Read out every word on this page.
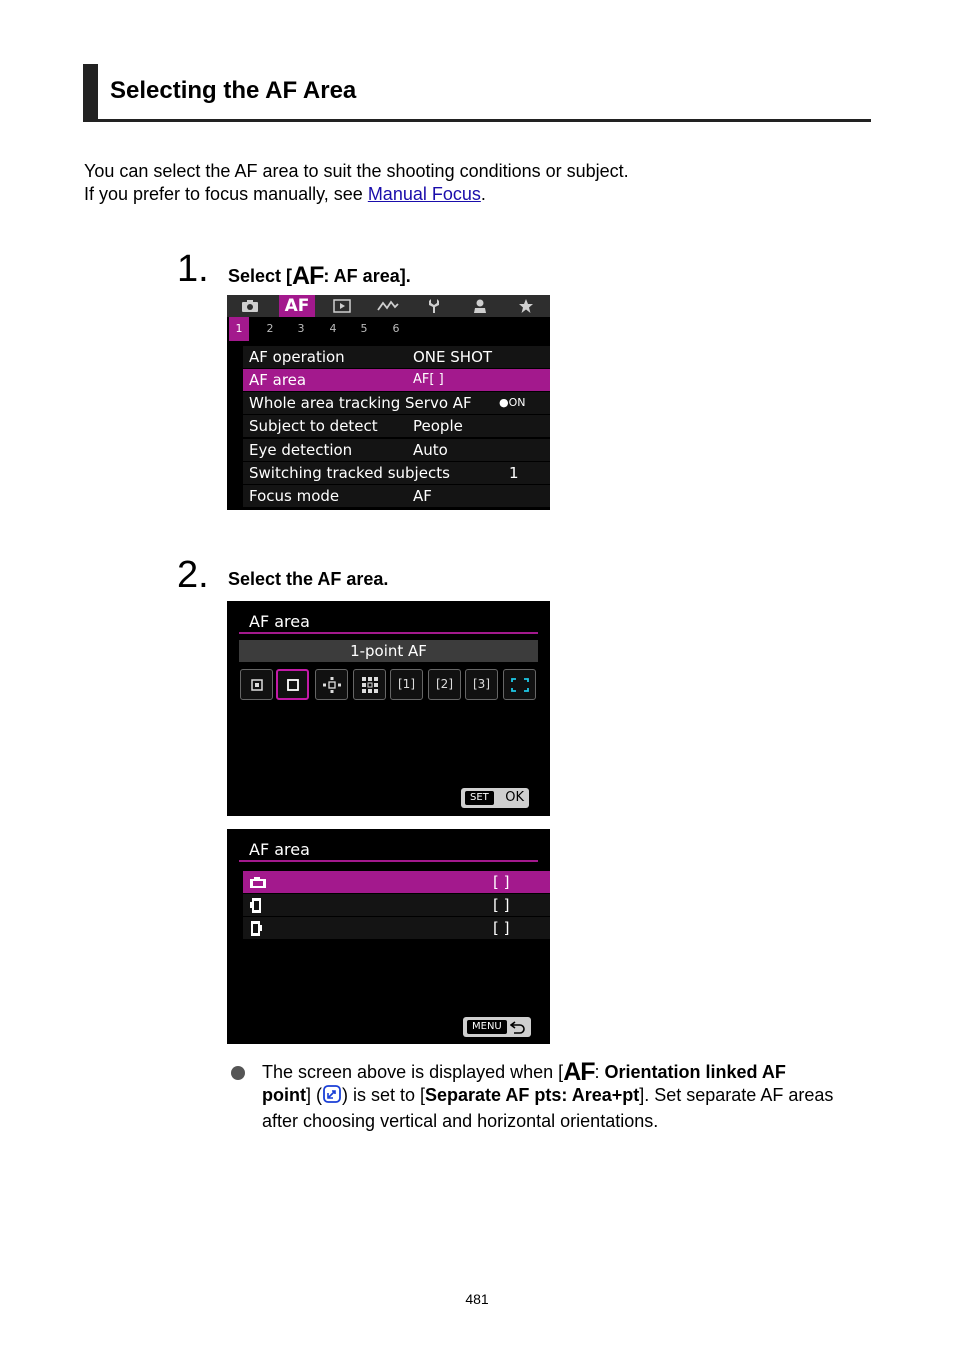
Selecting the AF Area
You can select the AF area to suit the shooting conditions or subject.
If you prefer to focus manually, see Manual Focus.
1. Select [AF: AF area].
AF
1	2	3	4	5	6
AF operation	ONE SHOT
AF area	AF[ ]
Whole area tracking Servo AF ●ON
Subject to detect People
Eye detection	Auto
Switching tracked subjects	1
Focus mode	AF
2. Select the AF area.
AF area
1-point AF
[1]	[2]	[3]
SET	OK
AF area
[ ]
[ ]
[ ]
MENU
The screen above is displayed when [AF: Orientation linked AF point] ( ) is set to [Separate AF pts: Area+pt]. Set separate AF areas after choosing vertical and horizontal orientations.
481
